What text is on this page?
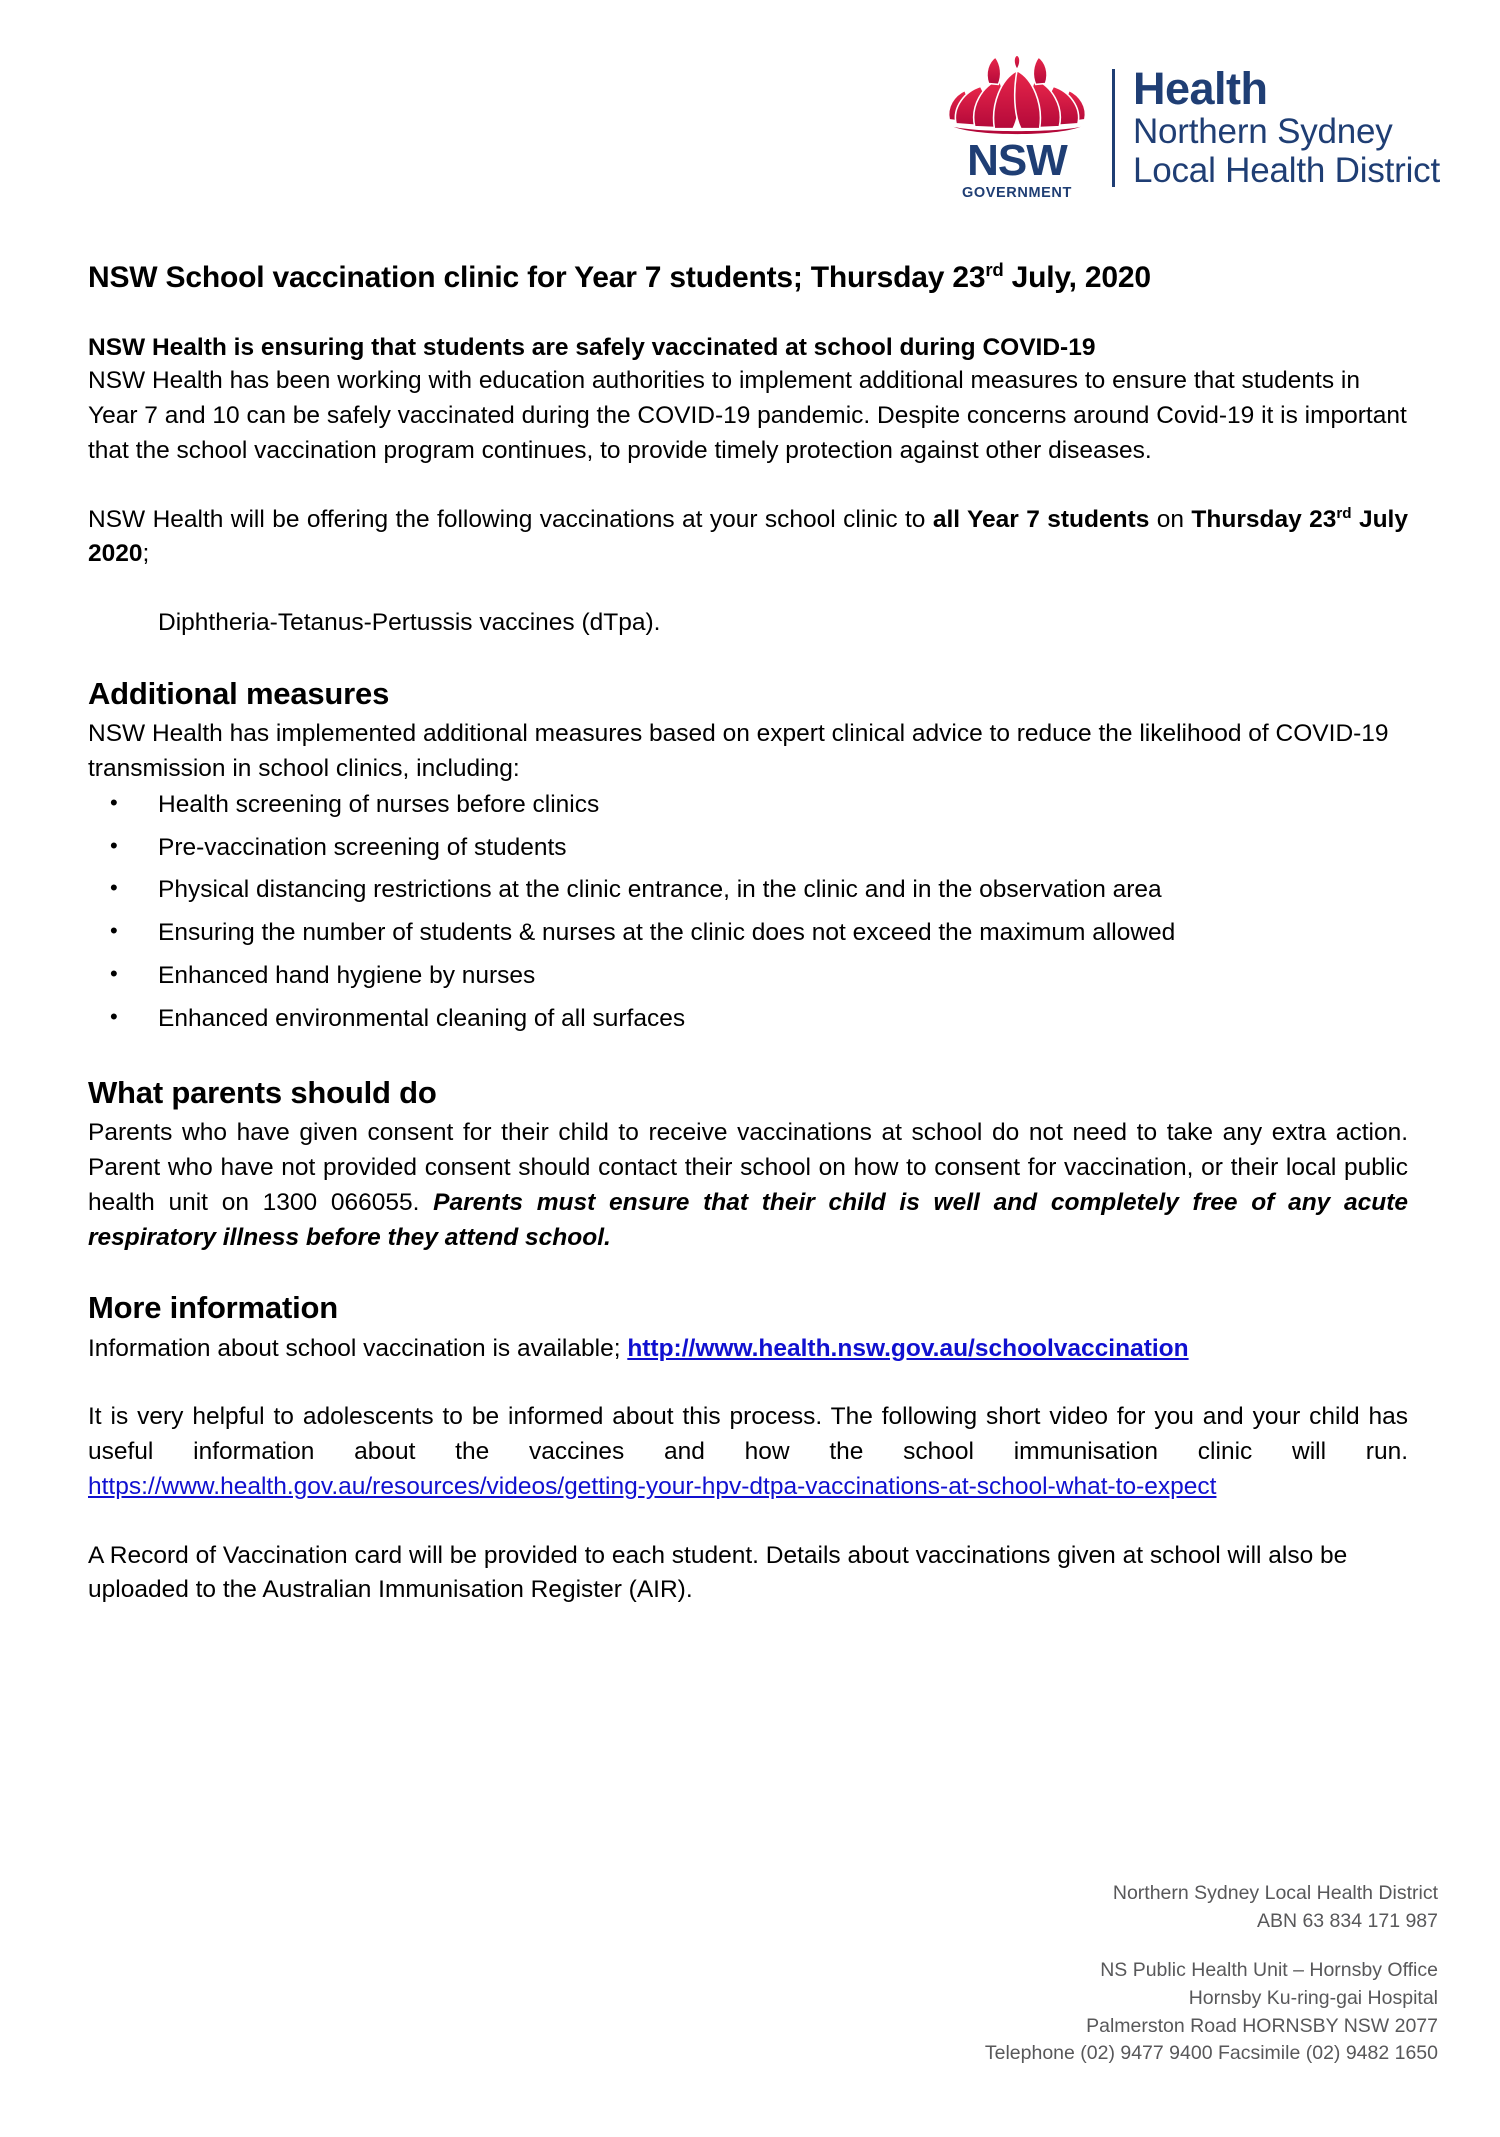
NSW
GOVERNMENT
Health
Northern Sydney
Local Health District
NSW School vaccination clinic for Year 7 students; Thursday 23rd July, 2020
NSW Health is ensuring that students are safely vaccinated at school during COVID-19

NSW Health has been working with education authorities to implement additional measures to ensure that students in Year 7 and 10 can be safely vaccinated during the COVID-19 pandemic. Despite concerns around Covid-19 it is important that the school vaccination program continues, to provide timely protection against other diseases.

NSW Health will be offering the following vaccinations at your school clinic to all Year 7 students on Thursday 23rd July 2020;

Diphtheria-Tetanus-Pertussis vaccines (dTpa).

Additional measures

NSW Health has implemented additional measures based on expert clinical advice to reduce the likelihood of COVID-19 transmission in school clinics, including:

• Health screening of nurses before clinics
• Pre-vaccination screening of students
• Physical distancing restrictions at the clinic entrance, in the clinic and in the observation area
• Ensuring the number of students & nurses at the clinic does not exceed the maximum allowed
• Enhanced hand hygiene by nurses
• Enhanced environmental cleaning of all surfaces
What parents should do

Parents who have given consent for their child to receive vaccinations at school do not need to take any extra action. Parent who have not provided consent should contact their school on how to consent for vaccination, or their local public health unit on 1300 066055. Parents must ensure that their child is well and completely free of any acute respiratory illness before they attend school.

More information

Information about school vaccination is available; http://www.health.nsw.gov.au/schoolvaccination

It is very helpful to adolescents to be informed about this process. The following short video for you and your child has useful information about the vaccines and how the school immunisation clinic will run. https://www.health.gov.au/resources/videos/getting-your-hpv-dtpa-vaccinations-at-school-what-to-expect

A Record of Vaccination card will be provided to each student. Details about vaccinations given at school will also be uploaded to the Australian Immunisation Register (AIR).

Northern Sydney Local Health District
ABN 63 834 171 987
NS Public Health Unit – Hornsby Office
Hornsby Ku-ring-gai Hospital
Palmerston Road HORNSBY NSW 2077
Telephone (02) 9477 9400 Facsimile (02) 9482 1650
